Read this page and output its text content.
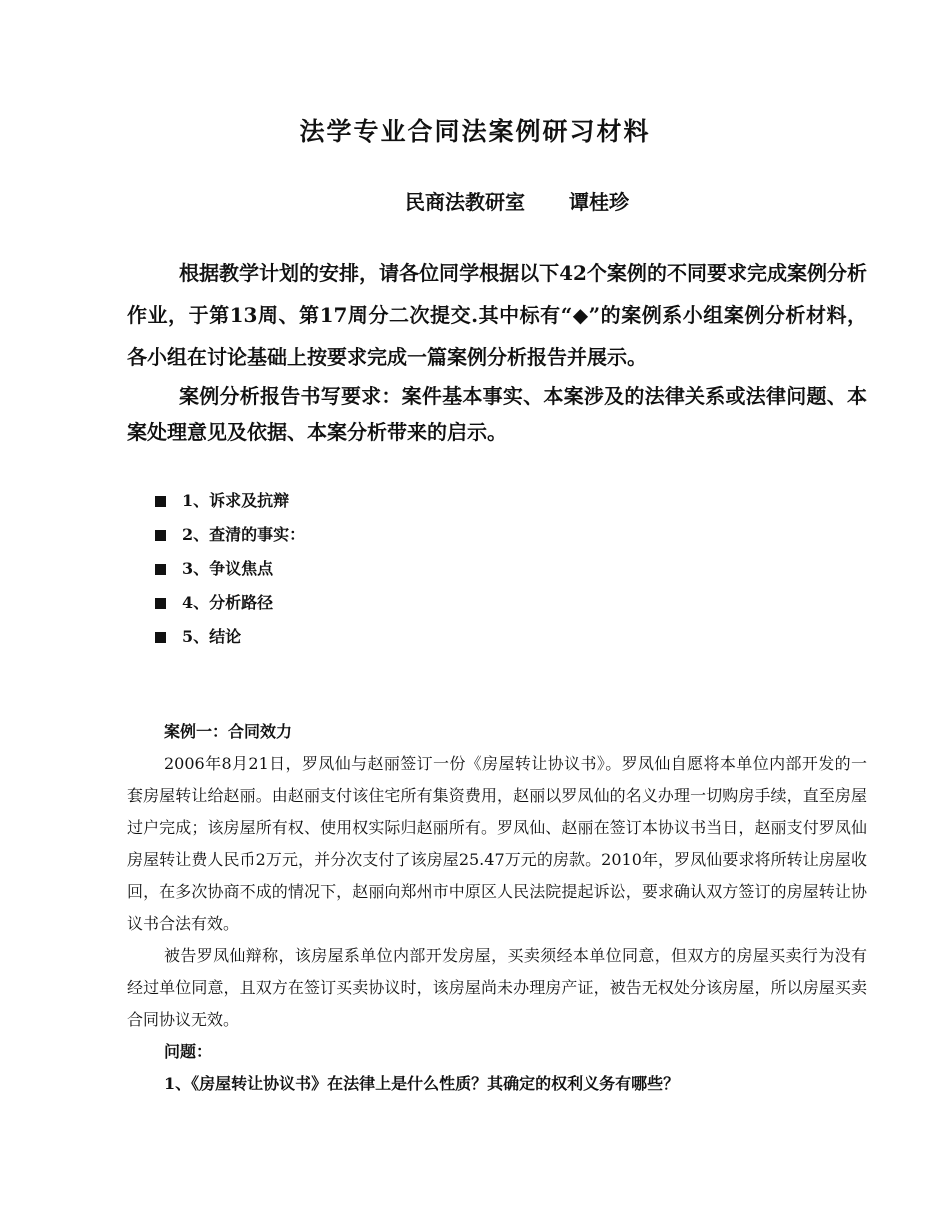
法学专业合同法案例研习材料
民商法教研室 谭桂珍

根据教学计划的安排，请各位同学根据以下42个案例的不同要求完成案例分析作业，于第13周、第17周分二次提交.其中标有“◆”的案例系小组案例分析材料，各小组在讨论基础上按要求完成一篇案例分析报告并展示。

案例分析报告书写要求：案件基本事实、本案涉及的法律关系或法律问题、本案处理意见及依据、本案分析带来的启示。

1、诉求及抗辩
2、查清的事实：
3、争议焦点
4、分析路径
5、结论
案例一：合同效力

2006年8月21日，罗凤仙与赵丽签订一份《房屋转让协议书》。罗凤仙自愿将本单位内部开发的一套房屋转让给赵丽。由赵丽支付该住宅所有集资费用，赵丽以罗凤仙的名义办理一切购房手续，直至房屋过户完成；该房屋所有权、使用权实际归赵丽所有。罗凤仙、赵丽在签订本协议书当日，赵丽支付罗凤仙房屋转让费人民币2万元，并分次支付了该房屋25.47万元的房款。2010年，罗凤仙要求将所转让房屋收回，在多次协商不成的情况下，赵丽向郑州市中原区人民法院提起诉讼，要求确认双方签订的房屋转让协议书合法有效。

被告罗凤仙辩称，该房屋系单位内部开发房屋，买卖须经本单位同意，但双方的房屋买卖行为没有经过单位同意，且双方在签订买卖协议时，该房屋尚未办理房产证，被告无权处分该房屋，所以房屋买卖合同协议无效。

问题：
1、《房屋转让协议书》在法律上是什么性质？其确定的权利义务有哪些？
